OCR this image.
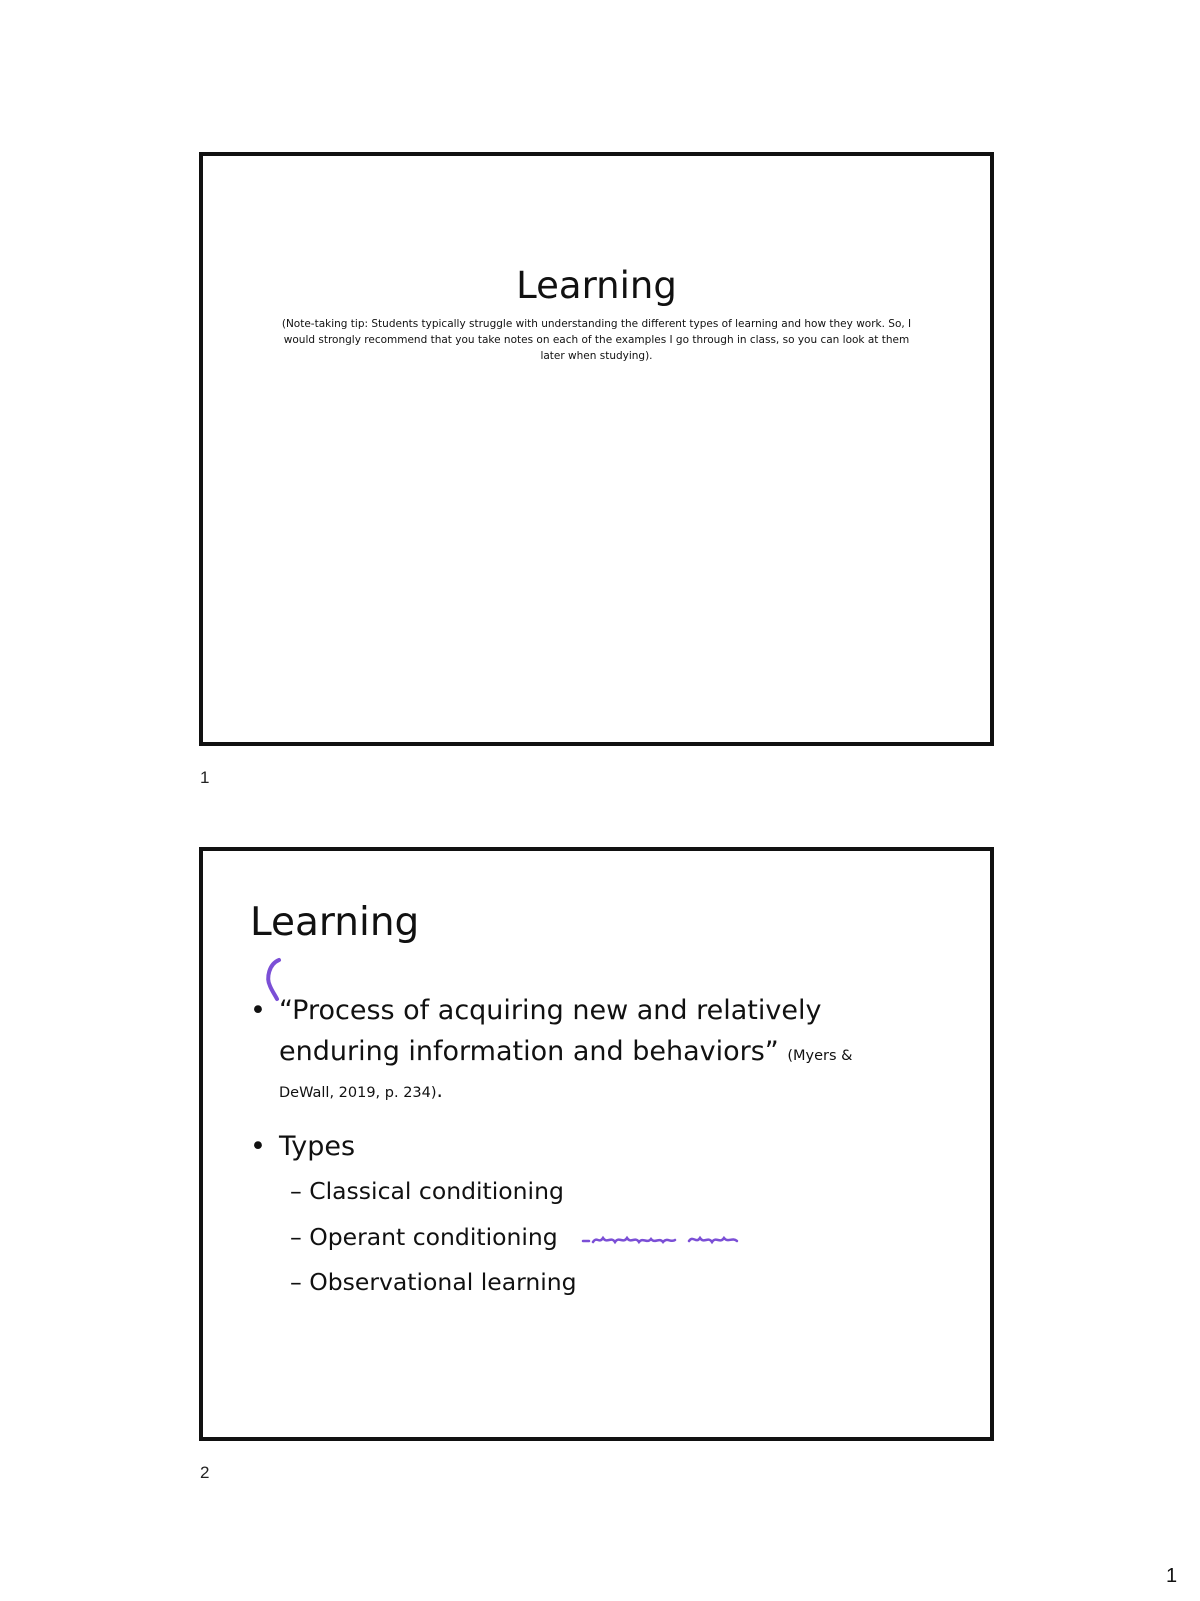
Learning
(Note-taking tip: Students typically struggle with understanding the different types of learning and how they work. So, I would strongly recommend that you take notes on each of the examples I go through in class, so you can look at them later when studying).
1
Learning
• “Process of acquiring new and relatively enduring information and behaviors” (Myers &
DeWall, 2019, p. 234).
• Types
– Classical conditioning
– Operant conditioning
– Observational learning
2
1
